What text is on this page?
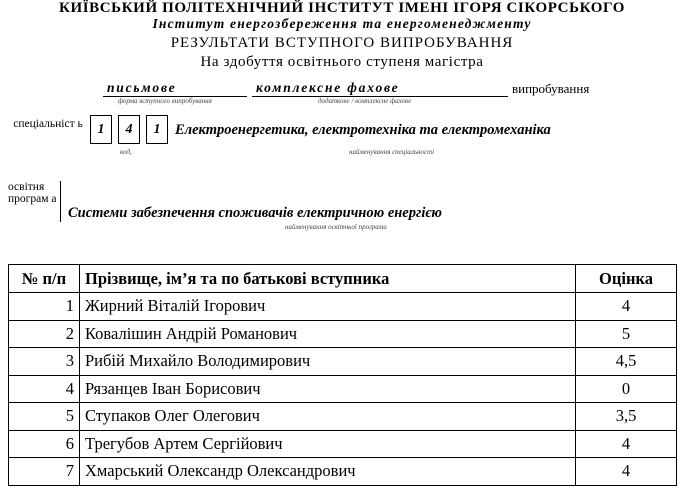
КИЇВСЬКИЙ ПОЛІТЕХНІЧНИЙ ІНСТИТУТ ІМЕНІ ІГОРЯ СІКОРСЬКОГО
Інститут енергозбереження та енергоменеджменту
РЕЗУЛЬТАТИ ВСТУПНОГО ВИПРОБУВАННЯ
На здобуття освітнього ступеня магістра
письмове
форма вступного випробування
комплексне фахове
додаткове / комплексне фахове
випробування
спеціальніст ь	1	4	1
код,
Електроенергетика, електротехніка та електромеханіка
найменування спеціальності
освітня програм а
Системи забезпечення споживачів електричною енергією
найменування освітньої програми
№ п/п	Прізвище, ім’я та по батькові вступника	Оцінка
1	Жирний Віталій Ігорович	4
2	Ковалішин Андрій Романович	5
3	Рибій Михайло Володимирович	4,5
4	Рязанцев Іван Борисович	0
5	Ступаков Олег Олегович	3,5
6	Трегубов Артем Сергійович	4
7	Хмарський Олександр Олександрович	4
